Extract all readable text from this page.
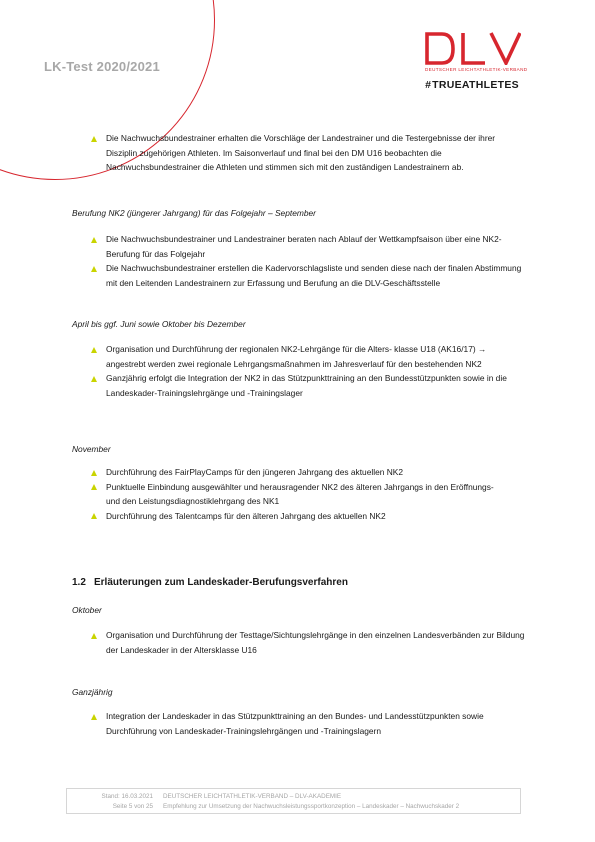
LK-Test 2020/2021	DEUTSCHER LEICHTATHLETIK-VERBAND
#TRUEATHLETES
Die Nachwuchsbundestrainer erhalten die Vorschläge der Landestrainer und die Testergebnisse der ihrer Disziplin zugehörigen Athleten. Im Saisonverlauf und final bei den DM U16 beobachten die Nachwuchsbundestrainer die Athleten und stimmen sich mit den zuständigen Landestrainern ab.
Berufung NK2 (jüngerer Jahrgang) für das Folgejahr – September
Die Nachwuchsbundestrainer und Landestrainer beraten nach Ablauf der Wettkampfsaison über eine NK2-Berufung für das Folgejahr
Die Nachwuchsbundestrainer erstellen die Kadervorschlagsliste und senden diese nach der finalen Abstimmung mit den Leitenden Landestrainern zur Erfassung und Berufung an die DLV-Geschäftsstelle
April bis ggf. Juni sowie Oktober bis Dezember
Organisation und Durchführung der regionalen NK2-Lehrgänge für die Alters- klasse U18 (AK16/17) → angestrebt werden zwei regionale Lehrgangsmaßnahmen im Jahresverlauf für den bestehenden NK2
Ganzjährig erfolgt die Integration der NK2 in das Stützpunkttraining an den Bundesstützpunkten sowie in die Landeskader-Trainingslehrgänge und -Trainingslager
November
Durchführung des FairPlayCamps für den jüngeren Jahrgang des aktuellen NK2
Punktuelle Einbindung ausgewählter und herausragender NK2 des älteren Jahrgangs in den Eröffnungs- und den Leistungsdiagnostiklehrgang des NK1
Durchführung des Talentcamps für den älteren Jahrgang des aktuellen NK2
1.2 Erläuterungen zum Landeskader-Berufungsverfahren
Oktober
Organisation und Durchführung der Testtage/Sichtungslehrgänge in den einzelnen Landesverbänden zur Bildung der Landeskader in der Altersklasse U16
Ganzjährig
Integration der Landeskader in das Stützpunkttraining an den Bundes- und Landesstützpunkten sowie Durchführung von Landeskader-Trainingslehrgängen und -Trainingslagern
Stand: 16.03.2021 DEUTSCHER LEICHTATHLETIK-VERBAND – DLV-AKADEMIE
Seite 5 von 25 Empfehlung zur Umsetzung der Nachwuchsleistungssportkonzeption – Landeskader – Nachwuchskader 2
